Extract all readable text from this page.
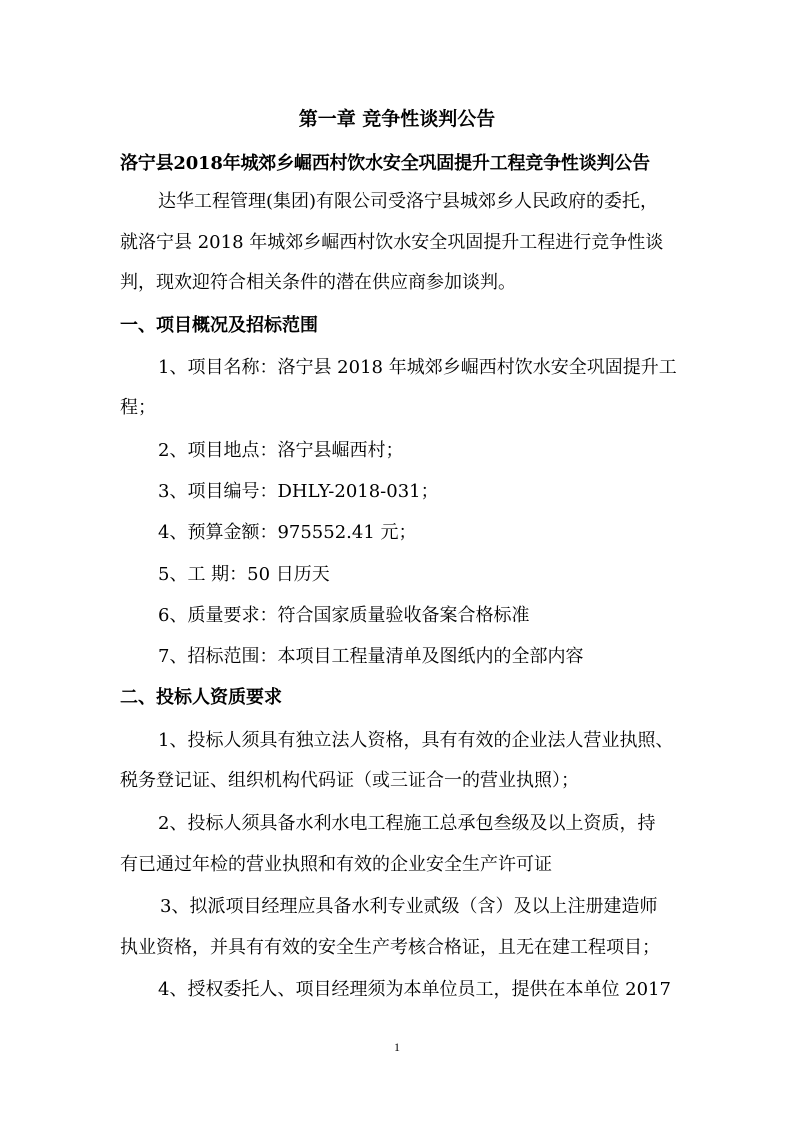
第一章 竞争性谈判公告
洛宁县2018年城郊乡崛西村饮水安全巩固提升工程竞争性谈判公告
达华工程管理(集团)有限公司受洛宁县城郊乡人民政府的委托，
就洛宁县 2018 年城郊乡崛西村饮水安全巩固提升工程进行竞争性谈
判，现欢迎符合相关条件的潜在供应商参加谈判。
一、项目概况及招标范围
1、项目名称：洛宁县 2018 年城郊乡崛西村饮水安全巩固提升工
程；
2、项目地点：洛宁县崛西村；
3、项目编号：DHLY-2018-031；
4、预算金额：975552.41 元；
5、工 期：50 日历天
6、质量要求：符合国家质量验收备案合格标准
7、招标范围：本项目工程量清单及图纸内的全部内容
二、投标人资质要求
1、投标人须具有独立法人资格，具有有效的企业法人营业执照、
税务登记证、组织机构代码证（或三证合一的营业执照）；
2、投标人须具备水利水电工程施工总承包叁级及以上资质，持
有已通过年检的营业执照和有效的企业安全生产许可证
3、拟派项目经理应具备水利专业贰级（含）及以上注册建造师
执业资格，并具有有效的安全生产考核合格证，且无在建工程项目；
4、授权委托人、项目经理须为本单位员工，提供在本单位 2017
1
